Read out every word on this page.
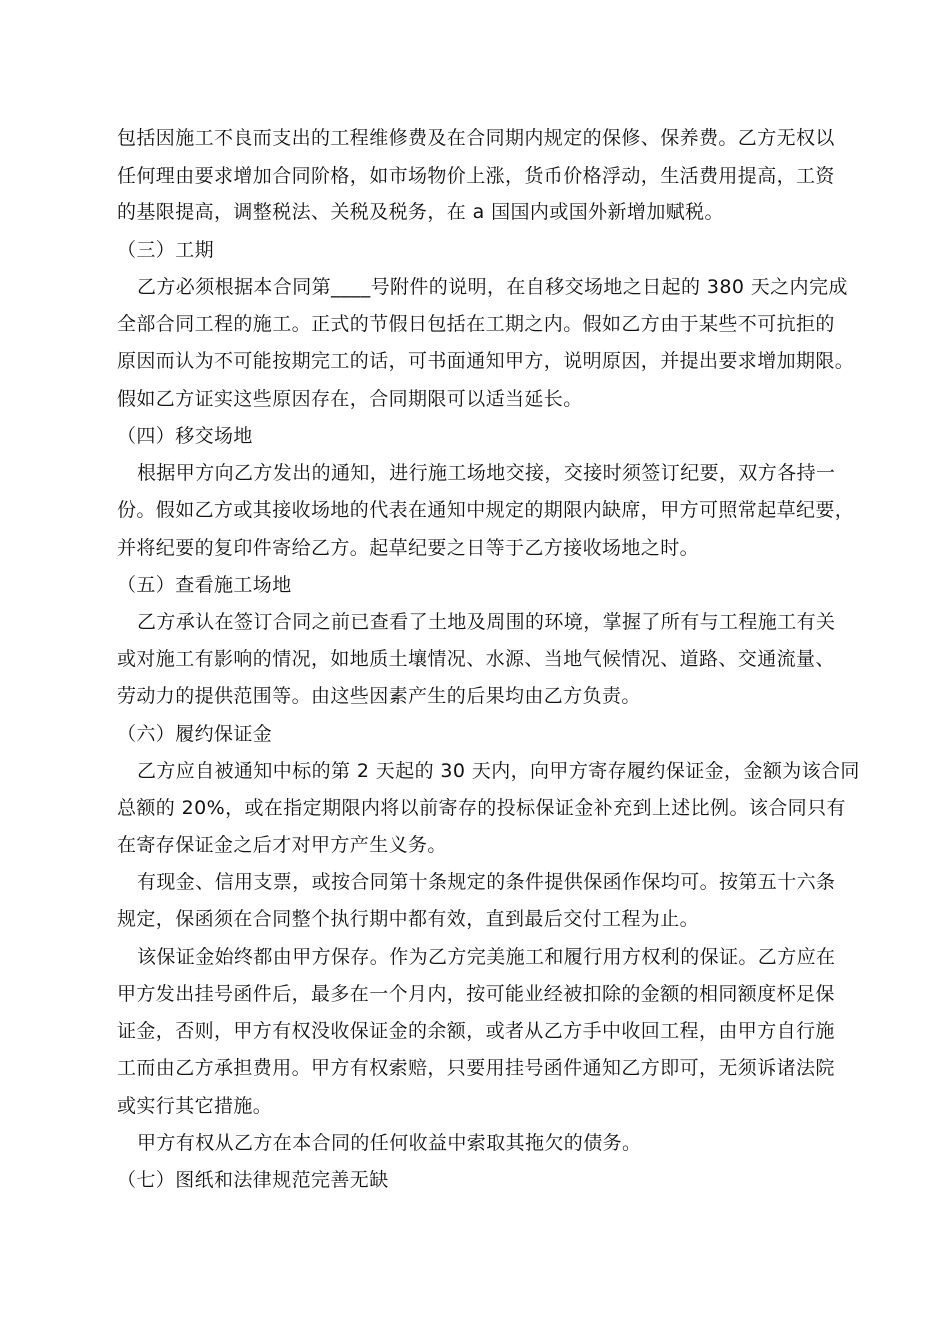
包括因施工不良而支出的工程维修费及在合同期内规定的保修、保养费。乙方无权以
任何理由要求增加合同阶格，如市场物价上涨，货币价格浮动，生活费用提高，工资
的基限提高，调整税法、关税及税务，在 a 国国内或国外新增加赋税。
（三）工期
乙方必须根据本合同第____号附件的说明，在自移交场地之日起的 380 天之内完成
全部合同工程的施工。正式的节假日包括在工期之内。假如乙方由于某些不可抗拒的
原因而认为不可能按期完工的话，可书面通知甲方，说明原因，并提出要求增加期限。
假如乙方证实这些原因存在，合同期限可以适当延长。
（四）移交场地
根据甲方向乙方发出的通知，进行施工场地交接，交接时须签订纪要，双方各持一
份。假如乙方或其接收场地的代表在通知中规定的期限内缺席，甲方可照常起草纪要，
并将纪要的复印件寄给乙方。起草纪要之日等于乙方接收场地之时。
（五）查看施工场地
乙方承认在签订合同之前已查看了土地及周围的环境，掌握了所有与工程施工有关
或对施工有影响的情况，如地质土壤情况、水源、当地气候情况、道路、交通流量、
劳动力的提供范围等。由这些因素产生的后果均由乙方负责。
（六）履约保证金
乙方应自被通知中标的第 2 天起的 30 天内，向甲方寄存履约保证金，金额为该合同
总额的 20%，或在指定期限内将以前寄存的投标保证金补充到上述比例。该合同只有
在寄存保证金之后才对甲方产生义务。
有现金、信用支票，或按合同第十条规定的条件提供保函作保均可。按第五十六条
规定，保函须在合同整个执行期中都有效，直到最后交付工程为止。
该保证金始终都由甲方保存。作为乙方完美施工和履行用方权利的保证。乙方应在
甲方发出挂号函件后，最多在一个月内，按可能业经被扣除的金额的相同额度杯足保
证金，否则，甲方有权没收保证金的余额，或者从乙方手中收回工程，由甲方自行施
工而由乙方承担费用。甲方有权索赔，只要用挂号函件通知乙方即可，无须诉诸法院
或实行其它措施。
甲方有权从乙方在本合同的任何收益中索取其拖欠的债务。
（七）图纸和法律规范完善无缺
